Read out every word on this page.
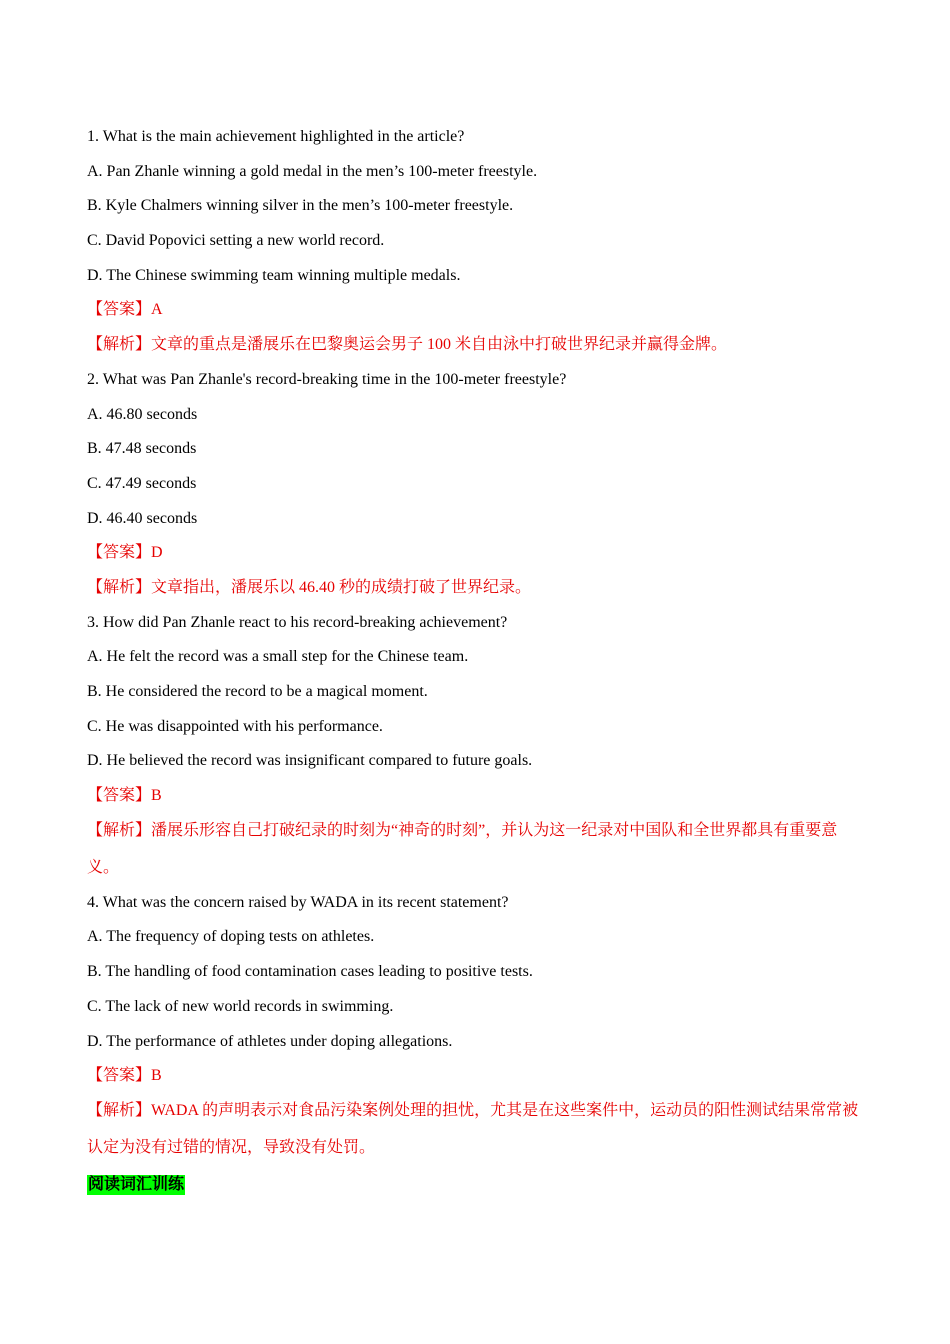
1. What is the main achievement highlighted in the article?
A. Pan Zhanle winning a gold medal in the men’s 100-meter freestyle.
B. Kyle Chalmers winning silver in the men’s 100-meter freestyle.
C. David Popovici setting a new world record.
D. The Chinese swimming team winning multiple medals.
【答案】A
【解析】文章的重点是潘展乐在巴黎奥运会男子 100 米自由泳中打破世界纪录并赢得金牌。
2. What was Pan Zhanle's record-breaking time in the 100-meter freestyle?
A. 46.80 seconds
B. 47.48 seconds
C. 47.49 seconds
D. 46.40 seconds
【答案】D
【解析】文章指出，潘展乐以 46.40 秒的成绩打破了世界纪录。
3. How did Pan Zhanle react to his record-breaking achievement?
A. He felt the record was a small step for the Chinese team.
B. He considered the record to be a magical moment.
C. He was disappointed with his performance.
D. He believed the record was insignificant compared to future goals.
【答案】B
【解析】潘展乐形容自己打破纪录的时刻为“神奇的时刻”，并认为这一纪录对中国队和全世界都具有重要意义。
4. What was the concern raised by WADA in its recent statement?
A. The frequency of doping tests on athletes.
B. The handling of food contamination cases leading to positive tests.
C. The lack of new world records in swimming.
D. The performance of athletes under doping allegations.
【答案】B
【解析】WADA 的声明表示对食品污染案例处理的担忧，尤其是在这些案件中，运动员的阳性测试结果常常被认定为没有过错的情况，导致没有处罚。
阅读词汇训练
